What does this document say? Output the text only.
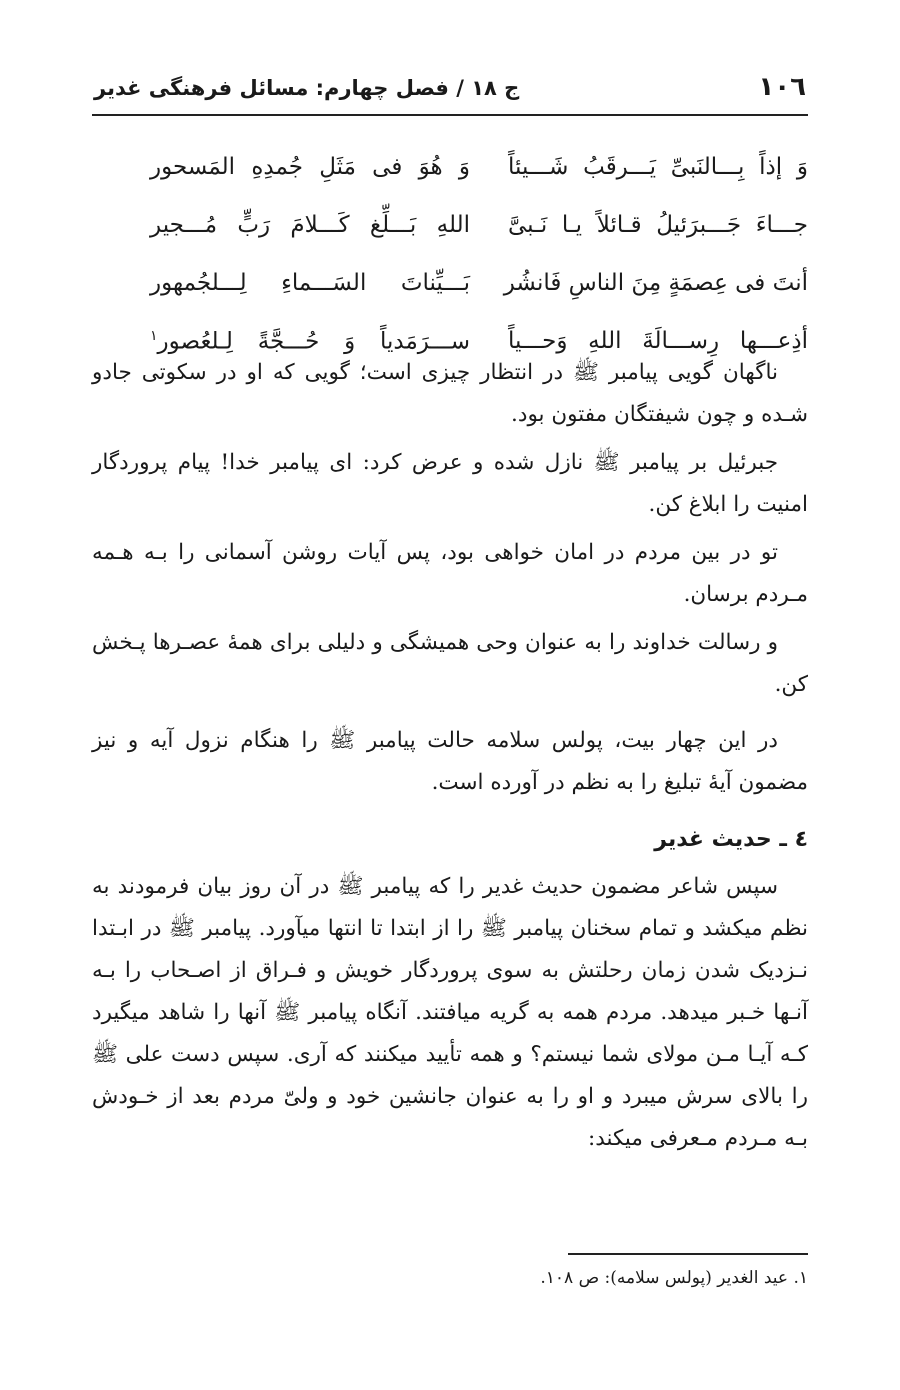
١٠٦
ج ١٨ / فصل چهارم: مسائل فرهنگی غدیر
وَ إذاً بِـــالنَبیِّ یَـــرقَبُ شَـــیئاً
وَ هُوَ فی مَثَلِ جُمدِهِ المَسحور
جـــاءَ جَـــبرَئیلُ قـائلاً یـا نَـبیَّ
اللهِ بَـــلِّغ کَـــلامَ رَبٍّ مُـــجیر
أنتَ فی عِصمَةٍ مِنَ الناسِ فَانشُر
بَـــیِّناتَ السَـــماءِ لِـــلجُمهور
أذِعـــها رِســـالَةَ اللهِ وَحـــیاً
ســـرَمَدیاً وَ حُـــجَّةً لِـلعُصور$^١$

ناگهان گویی پیامبر ﷺ در انتظار چیزی است؛ گویی که او در سکوتی جادو شـده و چون شیفتگان مفتون بود.

جبرئیل بر پیامبر ﷺ نازل شده و عرض کرد: ای پیامبر خدا! پیام پروردگار امنیت را ابلاغ کن.

تو در بین مردم در امان خواهی بود، پس آیات روشن آسمانی را بـه هـمه مـردم برسان.

و رسالت خداوند را به عنوان وحی همیشگی و دلیلی برای همهٔ عصـرها پـخش کن.

در این چهار بیت، پولس سلامه حالت پیامبر ﷺ را هنگام نزول آیه و نیز مضمون آیهٔ تبلیغ را به نظم در آورده است.

٤ ـ حدیث غدیر

سپس شاعر مضمون حدیث غدیر را که پیامبر ﷺ در آن روز بیان فرمودند به نظم میکشد و تمام سخنان پیامبر ﷺ را از ابتدا تا انتها میآورد. پیامبر ﷺ در ابـتدا نـزدیک شدن زمان رحلتش به سوی پروردگار خویش و فـراق از اصـحاب را بـه آنـها خـبر میدهد. مردم همه به گریه میافتند. آنگاه پیامبر ﷺ آنها را شاهد میگیرد کـه آیـا مـن مولای شما نیستم؟ و همه تأیید میکنند که آری. سپس دست علی ﷺ را بالای سرش میبرد و او را به عنوان جانشین خود و ولیّ مردم بعد از خـودش بـه مـردم مـعرفی میکند:

١. عید الغدیر (پولس سلامه): ص ١٠٨.
